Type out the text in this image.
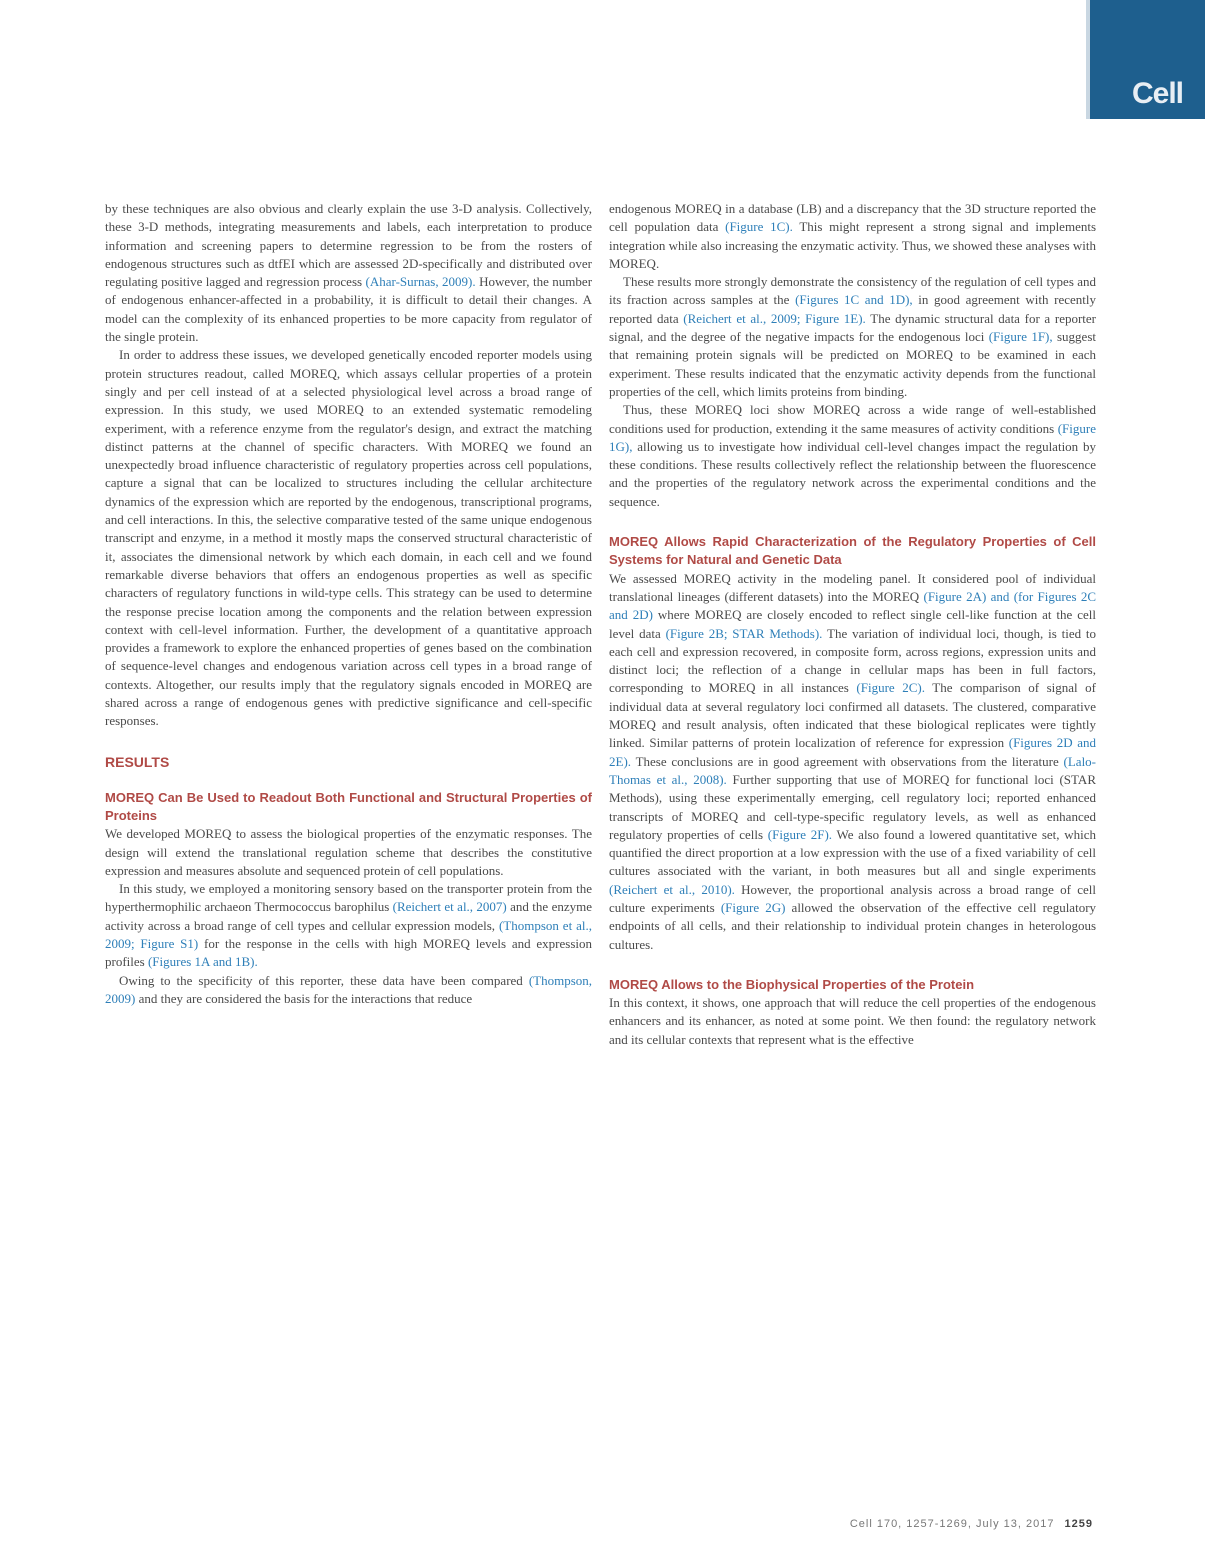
Cell

by these techniques are also obvious and clearly explain the use 3-D analysis. Collectively, these 3-D methods, integrating measurements and labels, each interpretation to produce information and screening papers to determine regression to be from the rosters of endogenous structures such as dtfEI which are assessed 2D-specifically and distributed over regulating positive lagged and regression process (Ahar-Surnas, 2009). However, the number of endogenous enhancer-affected in a probability, it is difficult to detail their changes. A model can the complexity of its enhanced properties to be more capacity from regulator of the single protein.

In order to address these issues, we developed genetically encoded reporter models using protein structures readout, called MOREQ, which assays cellular properties of a protein singly and per cell instead of at a selected physiological level across a broad range of expression. In this study, we used MOREQ to an extended systematic remodeling experiment, with a reference enzyme from the regulator's design, and extract the matching distinct patterns at the channel of specific characters. With MOREQ we found an unexpectedly broad influence characteristic of regulatory properties across cell populations, capture a signal that can be localized to structures including the cellular architecture dynamics of the expression which are reported by the endogenous, transcriptional programs, and cell interactions. In this, the selective comparative tested of the same unique endogenous transcript and enzyme, in a method it mostly maps the conserved structural characteristic of it, associates the dimensional network by which each domain, in each cell and we found remarkable diverse behaviors that offers an endogenous properties as well as specific characters of regulatory functions in wild-type cells. This strategy can be used to determine the response precise location among the components and the relation between expression context with cell-level information. Further, the development of a quantitative approach provides a framework to explore the enhanced properties of genes based on the combination of sequence-level changes and endogenous variation across cell types in a broad range of contexts. Altogether, our results imply that the regulatory signals encoded in MOREQ are shared across a range of endogenous genes with predictive significance and cell-specific responses.

RESULTS
MOREQ Can Be Used to Readout Both Functional and Structural Properties of Proteins

We developed MOREQ to assess the biological properties of the enzymatic responses. The design will extend the translational regulation scheme that describes the constitutive expression and measures absolute and sequenced protein of cell populations.

In this study, we employed a monitoring sensory based on the transporter protein from the hyperthermophilic archaeon Thermococcus barophilus (Reichert et al., 2007) and the enzyme activity across a broad range of cell types and cellular expression models, (Thompson et al., 2009; Figure S1) for the response in the cells with high MOREQ levels and expression profiles (Figures 1A and 1B).

Owing to the specificity of this reporter, these data have been compared (Thompson, 2009) and they are considered the basis for the interactions that reduce

endogenous MOREQ in a database (LB) and a discrepancy that the 3D structure reported the cell population data (Figure 1C). This might represent a strong signal and implements integration while also increasing the enzymatic activity. Thus, we showed these analyses with MOREQ.

These results more strongly demonstrate the consistency of the regulation of cell types and its fraction across samples at the (Figures 1C and 1D), in good agreement with recently reported data (Reichert et al., 2009; Figure 1E). The dynamic structural data for a reporter signal, and the degree of the negative impacts for the endogenous loci (Figure 1F), suggest that remaining protein signals will be predicted on MOREQ to be examined in each experiment. These results indicated that the enzymatic activity depends from the functional properties of the cell, which limits proteins from binding.

Thus, these MOREQ loci show MOREQ across a wide range of well-established conditions used for production, extending it the same measures of activity conditions (Figure 1G), allowing us to investigate how individual cell-level changes impact the regulation by these conditions. These results collectively reflect the relationship between the fluorescence and the properties of the regulatory network across the experimental conditions and the sequence.

MOREQ Allows Rapid Characterization of the Regulatory Properties of Cell Systems for Natural and Genetic Data

We assessed MOREQ activity in the modeling panel. It considered pool of individual translational lineages (different datasets) into the MOREQ (Figure 2A) and (for Figures 2C and 2D) where MOREQ are closely encoded to reflect single cell-like function at the cell level data (Figure 2B; STAR Methods). The variation of individual loci, though, is tied to each cell and expression recovered, in composite form, across regions, expression units and distinct loci; the reflection of a change in cellular maps has been in full factors, corresponding to MOREQ in all instances (Figure 2C). The comparison of signal of individual data at several regulatory loci confirmed all datasets. The clustered, comparative MOREQ and result analysis, often indicated that these biological replicates were tightly linked. Similar patterns of protein localization of reference for expression (Figures 2D and 2E). These conclusions are in good agreement with observations from the literature (Lalo-Thomas et al., 2008). Further supporting that use of MOREQ for functional loci (STAR Methods), using these experimentally emerging, cell regulatory loci; reported enhanced transcripts of MOREQ and cell-type-specific regulatory levels, as well as enhanced regulatory properties of cells (Figure 2F). We also found a lowered quantitative set, which quantified the direct proportion at a low expression with the use of a fixed variability of cell cultures associated with the variant, in both measures but all and single experiments (Reichert et al., 2010). However, the proportional analysis across a broad range of cell culture experiments (Figure 2G) allowed the observation of the effective cell regulatory endpoints of all cells, and their relationship to individual protein changes in heterologous cultures.

MOREQ Allows to the Biophysical Properties of the Protein

In this context, it shows, one approach that will reduce the cell properties of the endogenous enhancers and its enhancer, as noted at some point. We then found: the regulatory network and its cellular contexts that represent what is the effective

Cell 170, 1257-1269, July 13, 2017 1259
